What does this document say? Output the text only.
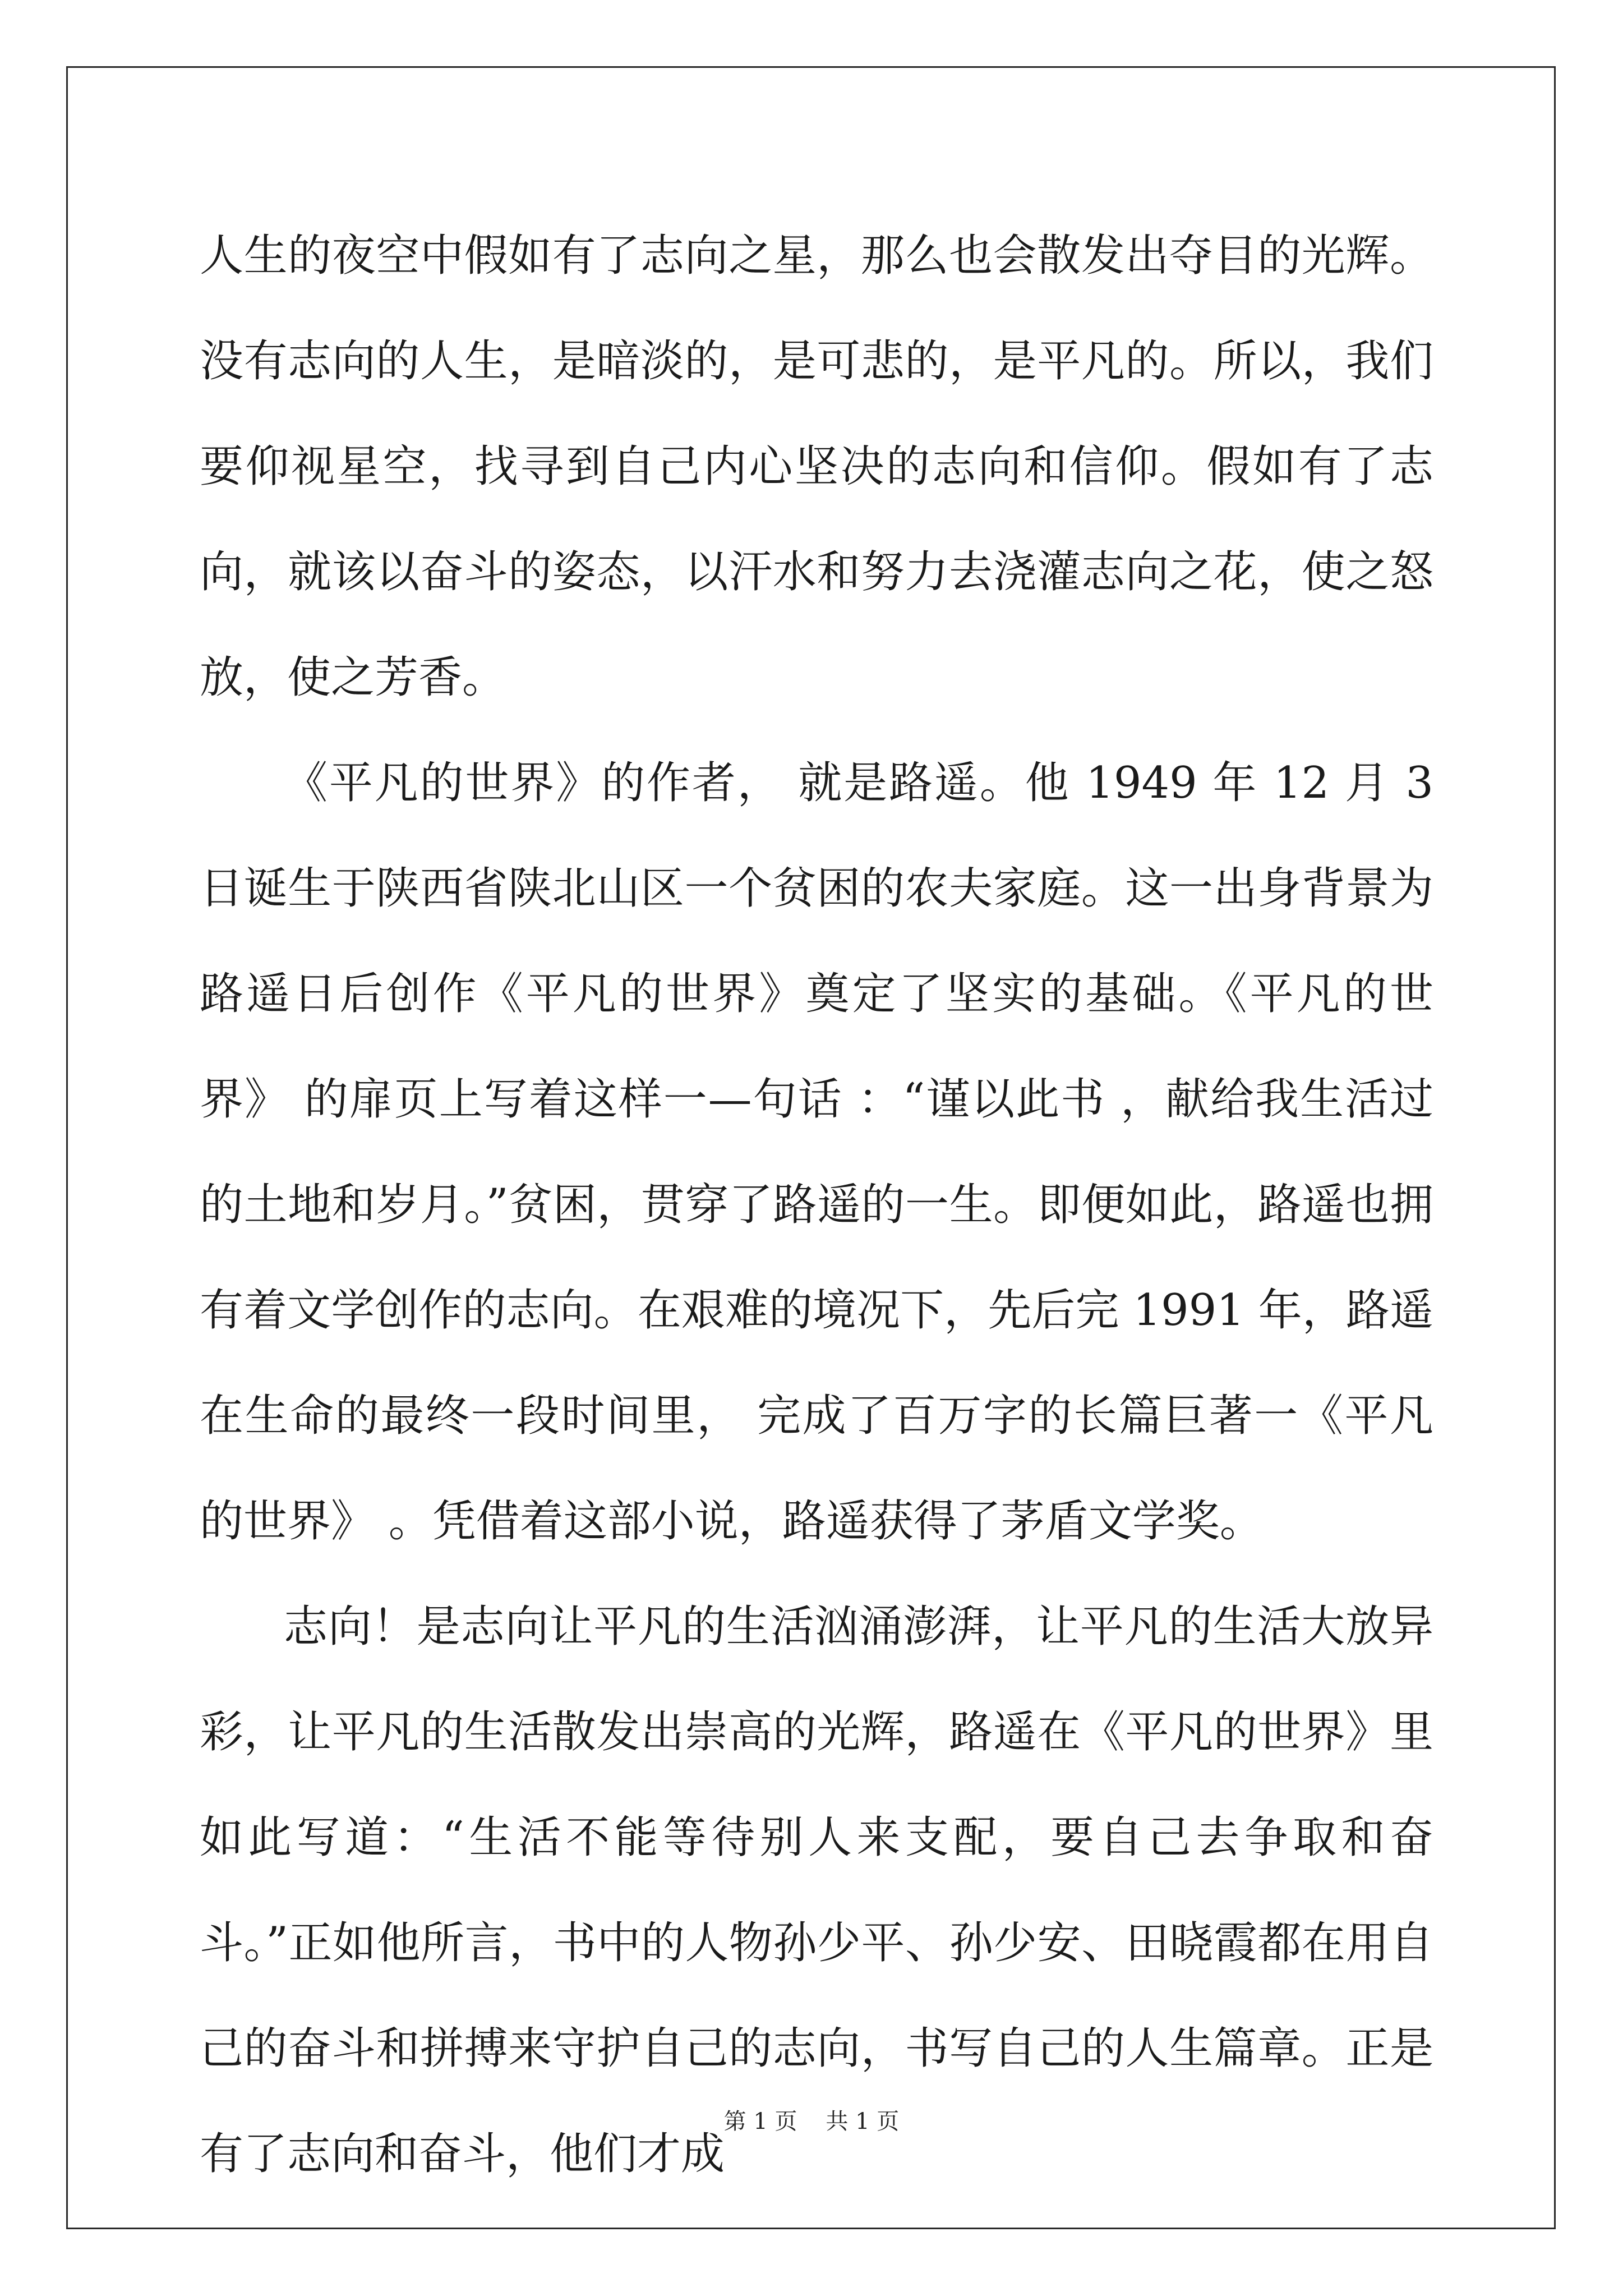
人生的夜空中假如有了志向之星，那么也会散发出夺目的光辉。没有志向的人生，是暗淡的，是可悲的，是平凡的。所以，我们要仰视星空，找寻到自己内心坚决的志向和信仰。假如有了志向，就该以奋斗的姿态，以汗水和努力去浇灌志向之花，使之怒放，使之芳香。

《平凡的世界》的作者， 就是路遥。他 1949 年 12 月 3 日诞生于陕西省陕北山区一个贫困的农夫家庭。这一出身背景为路遥日后创作《平凡的世界》奠定了坚实的基础。《平凡的世界》 的扉页上写着这样一—句话 ：“谨以此书 ，献给我生活过的土地和岁月。”贫困，贯穿了路遥的一生。即便如此，路遥也拥有着文学创作的志向。在艰难的境况下，先后完 1991 年，路遥在生命的最终一段时间里， 完成了百万字的长篇巨著一《平凡的世界》 。凭借着这部小说，路遥获得了茅盾文学奖。

志向！是志向让平凡的生活汹涌澎湃，让平凡的生活大放异彩，让平凡的生活散发出崇高的光辉，路遥在《平凡的世界》里如此写道：“生活不能等待别人来支配，要自己去争取和奋斗。”正如他所言，书中的人物孙少平、孙少安、田晓霞都在用自己的奋斗和拼搏来守护自己的志向，书写自己的人生篇章。正是有了志向和奋斗，他们才成

第 1 页 共 1 页
